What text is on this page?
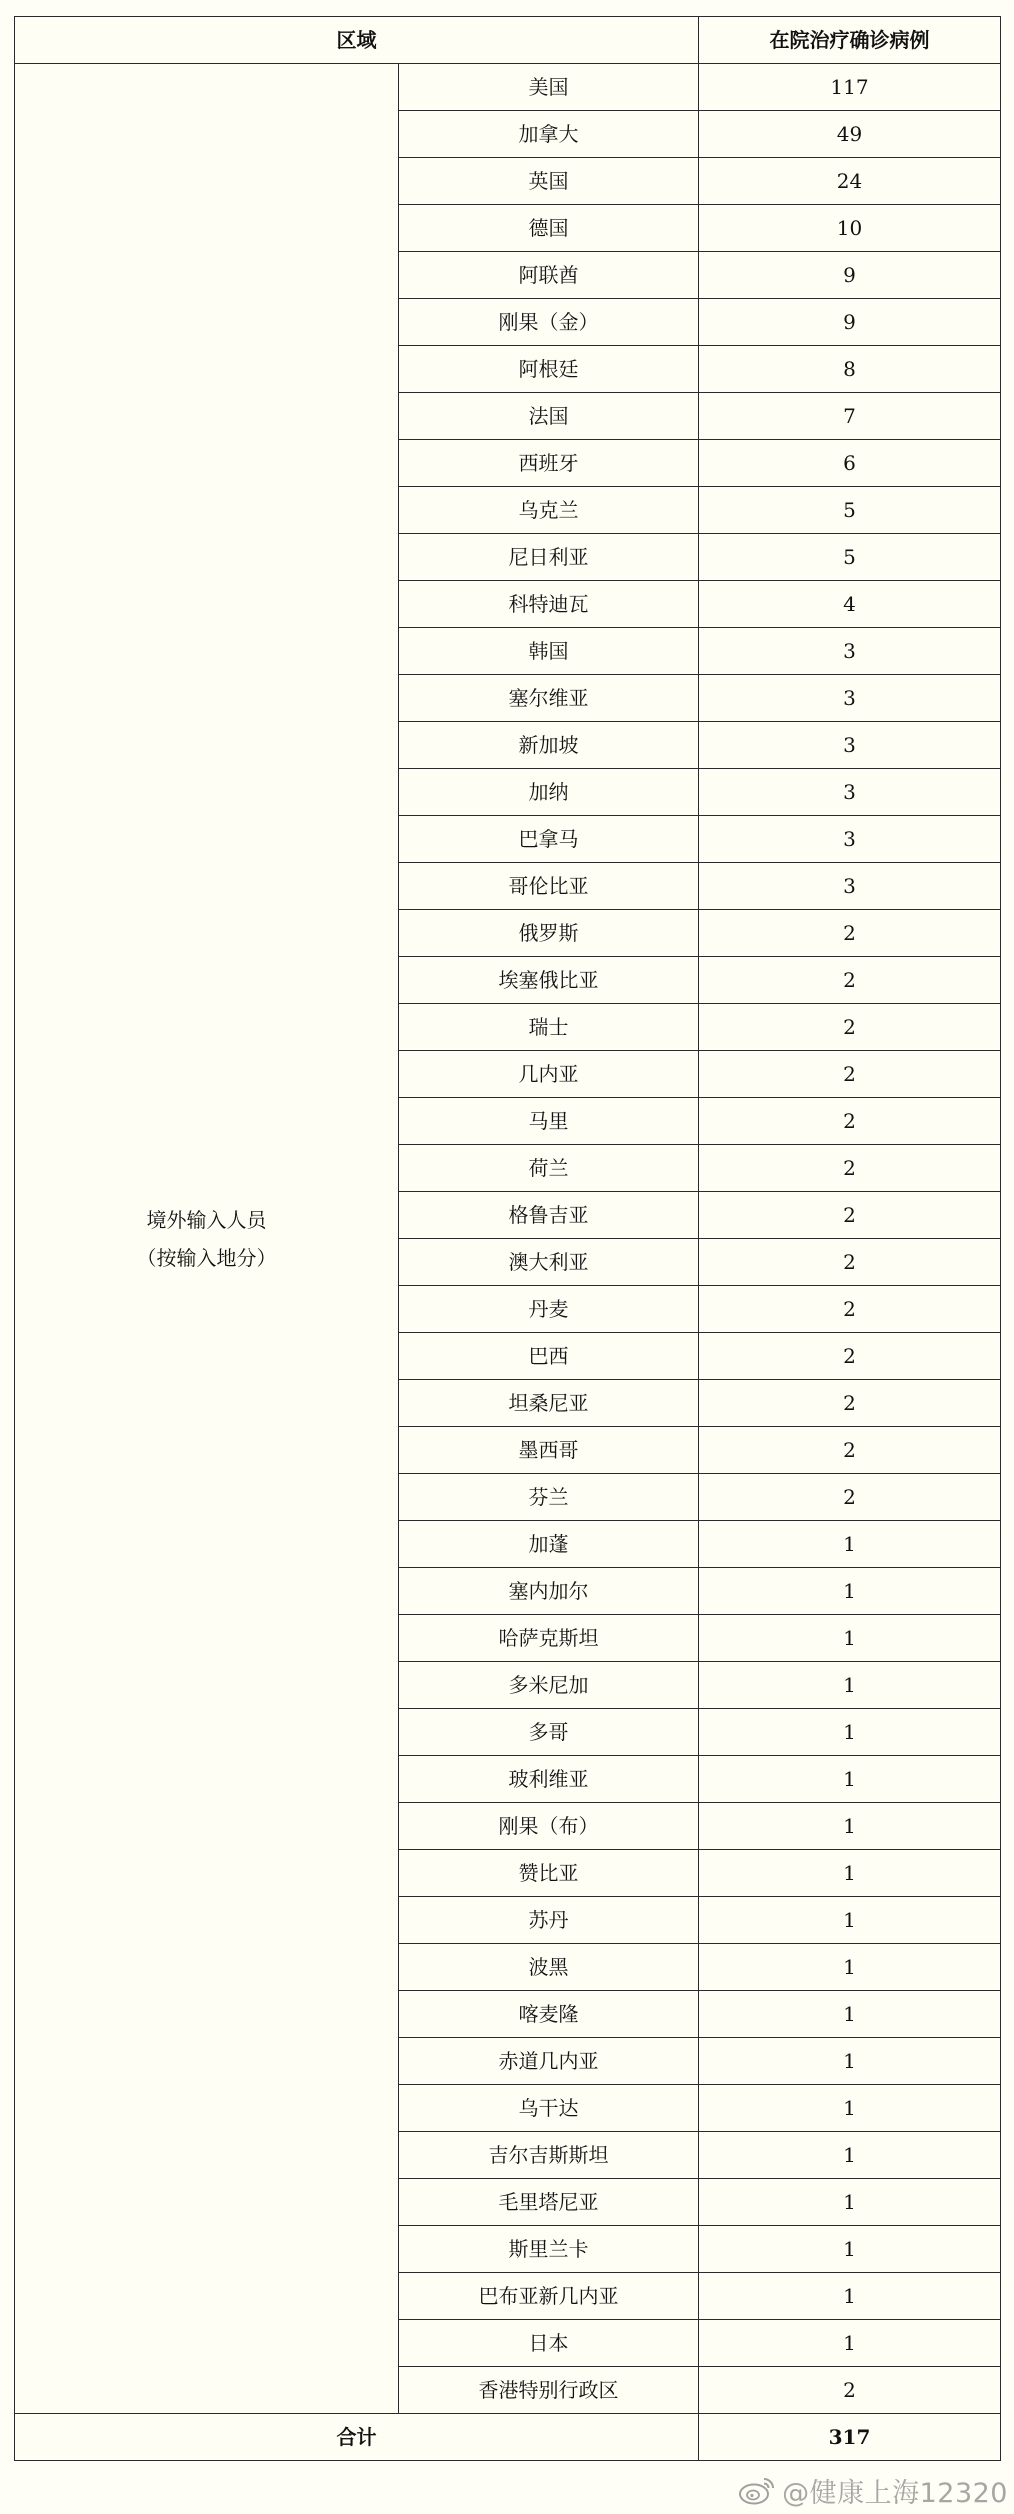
区域		在院治疗确诊病例

境外输入人员
（按输入地分）	美国	117
	加拿大	49
	英国	24
	德国	10
	阿联酋	9
	刚果（金）	9
	阿根廷	8
	法国	7
	西班牙	6
	乌克兰	5
	尼日利亚	5
	科特迪瓦	4
	韩国	3
	塞尔维亚	3
	新加坡	3
	加纳	3
	巴拿马	3
	哥伦比亚	3
	俄罗斯	2
	埃塞俄比亚	2
	瑞士	2
	几内亚	2
	马里	2
	荷兰	2
	格鲁吉亚	2
	澳大利亚	2
	丹麦	2
	巴西	2
	坦桑尼亚	2
	墨西哥	2
	芬兰	2
	加蓬	1
	塞内加尔	1
	哈萨克斯坦	1
	多米尼加	1
	多哥	1
	玻利维亚	1
	刚果（布）	1
	赞比亚	1
	苏丹	1
	波黑	1
	喀麦隆	1
	赤道几内亚	1
	乌干达	1
	吉尔吉斯斯坦	1
	毛里塔尼亚	1
	斯里兰卡	1
	巴布亚新几内亚	1
	日本	1
	香港特别行政区	2
合计		317
@健康上海12320
